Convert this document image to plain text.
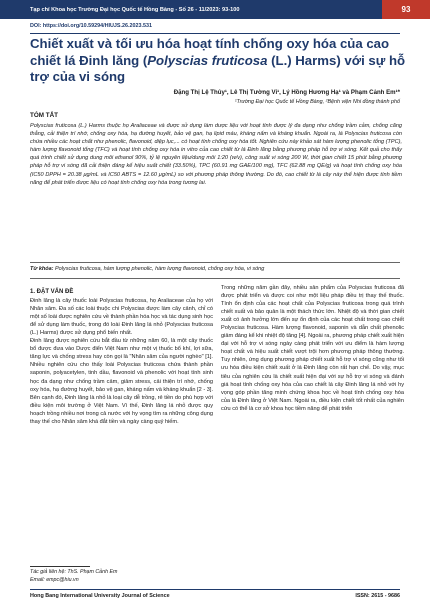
Tạp chí Khoa học Trường Đại học Quốc tế Hồng Bàng - Số 26 - 11/2023: 93-100	93
DOI: https://doi.org/10.59294/HIUJS.26.2023.531
Chiết xuất và tối ưu hóa hoạt tính chống oxy hóa của cao chiết lá Đinh lăng (Polyscias fruticosa (L.) Harms) với sự hỗ trợ của vi sóng
Đặng Thị Lệ Thủy¹, Lê Thị Tường Vi¹, Lý Hồng Hương Hạ¹ và Phạm Cảnh Em¹*
¹Trường Đại học Quốc tế Hồng Bàng, ²Bệnh viện Nhi đồng thành phố
TÓM TẮT
Polyscias fruticosa (L.) Harms thuộc họ Araliaceae và được sử dụng làm dược liệu với hoạt tính được lý đa dạng như chống trầm cảm, chống căng thẳng, cải thiện trí nhớ, chống oxy hóa, hạ đường huyết, bảo vệ gan, hạ lipid máu, kháng nấm và kháng khuẩn. Ngoài ra, lá Polyscias fruticosa còn chứa nhiều các hoạt chất như phenolic, flavonoid, diệp lục,... có hoạt tính chống oxy hóa tốt. Nghiên cứu này khảo sát hàm lượng phenolic tổng (TPC), hàm lượng flavonoid tổng (TFC) và hoạt tính chống oxy hóa in vitro của cao chiết từ lá Đinh lăng bằng phương pháp hỗ trợ vi sóng. Kết quả cho thấy quá trình chiết sử dụng dung môi ethanol 90%, tỷ lệ nguyên liệu/dung môi 1:20 (w/v), công suất vi sóng 200 W, thời gian chiết 15 phút bằng phương pháp hỗ trợ vi sóng đã cải thiện đáng kể hiệu suất chiết (33.50%), TPC (60.91 mg GAE/100 mg), TFC (62.88 mg QE/g) và hoạt tính chống oxy hóa (IC50 DPPH = 20.38 μg/mL và IC50 ABTS = 12.60 μg/mL) so với phương pháp thông thường. Do đó, cao chiết từ lá cây này thể hiện được tính tiềm năng để phát triển được liệu có hoạt tính chống oxy hóa trong tương lai.
Từ khóa: Polyscias fruticosa, hàm lượng phenolic, hàm lượng flavonoid, chống oxy hóa, vi sóng
1. ĐẶT VẤN ĐỀ

Đinh lăng là cây thuốc loài Polyscias fruticosa, họ Araliaceae của họ với Nhân sâm. Đa số các loài thuộc chi Polyscias được làm cây cảnh, chỉ có một số loài được nghiên cứu về thành phần hóa học và tác dụng sinh học để sử dụng làm thuốc, trong đó loài Đinh lăng lá nhỏ (Polyscias fruticosa (L.) Harms) được sử dụng phổ biến nhất.

Đinh lăng được nghiên cứu bắt đầu từ những năm 60, là một cây thuốc bổ được đưa vào Dược điển Việt Nam như một vị thuốc bổ khí, lợi sữa, tăng lực và chống stress hay còn gọi là "Nhân sâm của người nghèo" [1]. Nhiều nghiên cứu cho thấy loài Polyscias fruticosa chứa thành phần saponin, polyacetylen, tinh dầu, flavonoid và phenolic với hoạt tính sinh học đa dạng như chống trầm cảm, giảm stress, cải thiện trí nhớ, chống oxy hóa, hạ đường huyết, bảo vệ gan, kháng nấm và kháng khuẩn [2 - 3]. Bên cạnh đó, Đinh lăng là nhỏ là loại cây dễ trồng, rẻ tiền do phù hợp với điều kiện môi trường ở Việt Nam. Vì thế, Đinh lăng lá nhỏ được quy hoạch trồng nhiều nơi trong cả nước với hy vọng tìm ra những công dụng thay thế cho Nhân sâm khá đắt tiền và ngày càng quý hiếm.

Trong những năm gần đây, nhiều sản phẩm của Polyscias fruticosa đã được phát triển và được coi như một liệu pháp điều trị thay thế thuốc. Tính ổn định của các hoạt chất của Polyscias fruticosa trong quá trình chiết xuất và bảo quản là một thách thức lớn. Nhiệt độ và thời gian chiết xuất có ảnh hưởng lớn đến sự ổn định của các hoạt chất trong cao chiết Polyscias fruticosa. Hàm lượng flavonoid, saponin và dẫn chất phenolic giảm đáng kể khi nhiệt độ tăng [4]. Ngoài ra, phương pháp chiết xuất hiện đại với hỗ trợ vi sóng ngày càng phát triển với ưu điểm là hàm lượng hoạt chất và hiệu suất chiết vượt trội hơn phương pháp thông thường. Tuy nhiên, ứng dụng phương pháp chiết xuất hỗ trợ vi sóng cũng như tối ưu hóa điều kiện chiết xuất ở lá Đinh lăng còn rất hạn chế. Do vậy, mục tiêu của nghiên cứu là chiết xuất hiện đại với sự hỗ trợ vi sóng và đánh giá hoạt tính chống oxy hóa của cao chiết lá cây Đinh lăng lá nhỏ với hy vọng góp phần tăng minh chứng khoa học về hoạt tính chống oxy hóa của lá Đinh lăng ở Việt Nam. Ngoài ra, điều kiện chiết tốt nhất của nghiên cứu có thể là cơ sở khoa học tiềm năng để phát triển

Tác giả liên hệ: ThS. Phạm Cảnh Em
Email: empc@hiu.vn
Hong Bang International University Journal of Science	ISSN: 2615 - 9686
